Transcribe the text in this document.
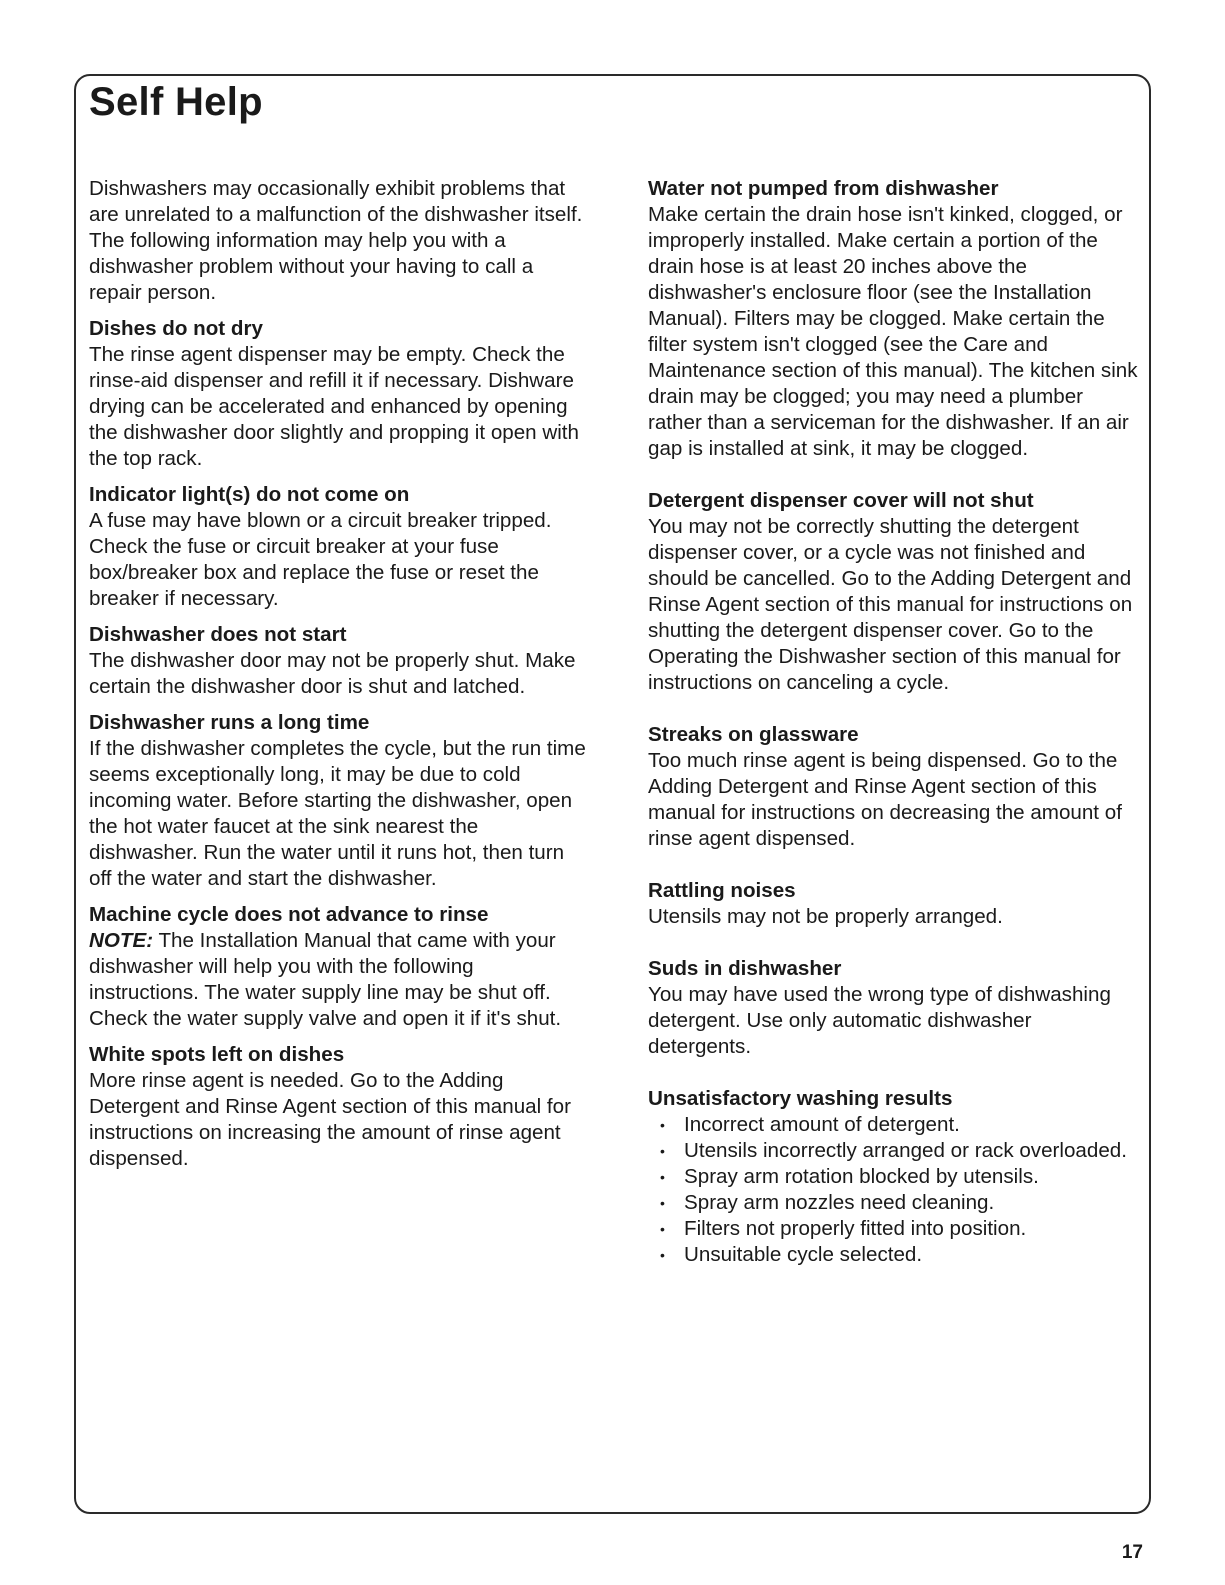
Self Help

Dishwashers may occasionally exhibit problems that are unrelated to a malfunction of the dishwasher itself. The following information may help you with a dishwasher problem without your having to call a repair person.

Dishes do not dry

The rinse agent dispenser may be empty. Check the rinse-aid dispenser and refill it if necessary. Dishware drying can be accelerated and enhanced by opening the dishwasher door slightly and propping it open with the top rack.

Indicator light(s) do not come on

A fuse may have blown or a circuit breaker tripped. Check the fuse or circuit breaker at your fuse box/breaker box and replace the fuse or reset the breaker if necessary.

Dishwasher does not start

The dishwasher door may not be properly shut. Make certain the dishwasher door is shut and latched.

Dishwasher runs a long time

If the dishwasher completes the cycle, but the run time seems exceptionally long, it may be due to cold incoming water. Before starting the dishwasher, open the hot water faucet at the sink nearest the dishwasher. Run the water until it runs hot, then turn off the water and start the dishwasher.

Machine cycle does not advance to rinse

NOTE: The Installation Manual that came with your dishwasher will help you with the following instructions. The water supply line may be shut off. Check the water supply valve and open it if it's shut.

White spots left on dishes

More rinse agent is needed. Go to the Adding Detergent and Rinse Agent section of this manual for instructions on increasing the amount of rinse agent dispensed.

Water not pumped from dishwasher

Make certain the drain hose isn't kinked, clogged, or improperly installed. Make certain a portion of the drain hose is at least 20 inches above the dishwasher's enclosure floor (see the Installation Manual). Filters may be clogged. Make certain the filter system isn't clogged (see the Care and Maintenance section of this manual). The kitchen sink drain may be clogged; you may need a plumber rather than a serviceman for the dishwasher. If an air gap is installed at sink, it may be clogged.

Detergent dispenser cover will not shut

You may not be correctly shutting the detergent dispenser cover, or a cycle was not finished and should be cancelled. Go to the Adding Detergent and Rinse Agent section of this manual for instructions on shutting the detergent dispenser cover. Go to the Operating the Dishwasher section of this manual for instructions on canceling a cycle.

Streaks on glassware

Too much rinse agent is being dispensed. Go to the Adding Detergent and Rinse Agent section of this manual for instructions on decreasing the amount of rinse agent dispensed.

Rattling noises

Utensils may not be properly arranged.

Suds in dishwasher

You may have used the wrong type of dishwashing detergent. Use only automatic dishwasher detergents.

Unsatisfactory washing results
• Incorrect amount of detergent.
• Utensils incorrectly arranged or rack overloaded.
• Spray arm rotation blocked by utensils.
• Spray arm nozzles need cleaning.
• Filters not properly fitted into position.
• Unsuitable cycle selected.
17
